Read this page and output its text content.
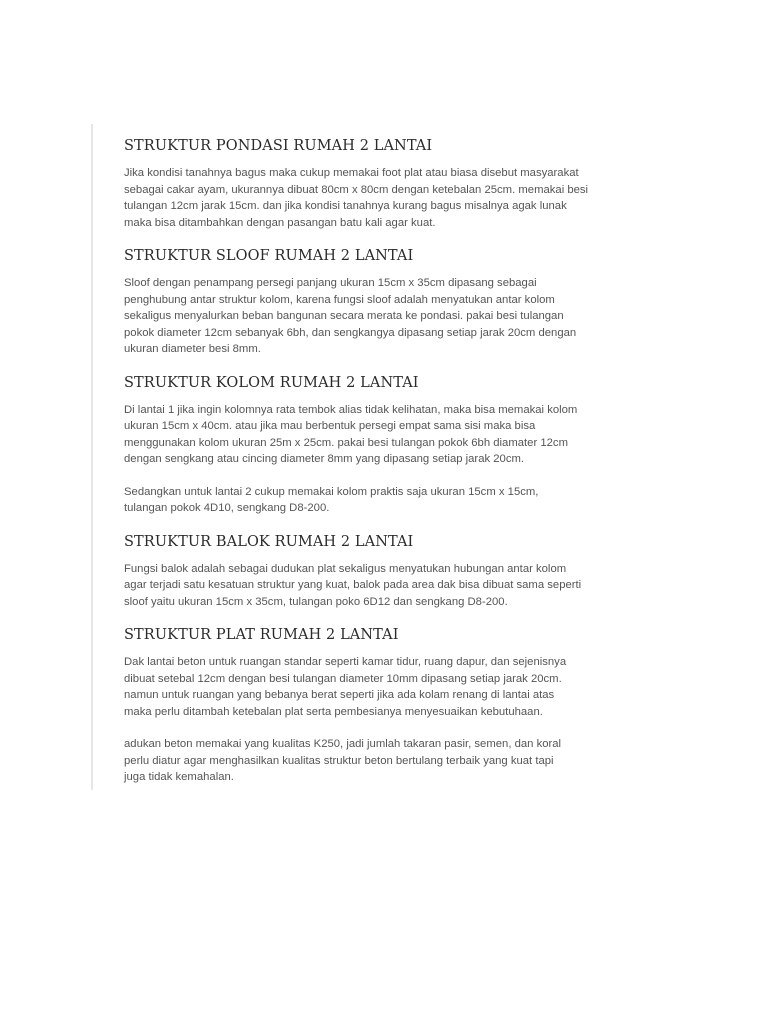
STRUKTUR PONDASI RUMAH 2 LANTAI

Jika kondisi tanahnya bagus maka cukup memakai foot plat atau biasa disebut masyarakat
sebagai cakar ayam, ukurannya dibuat 80cm x 80cm dengan ketebalan 25cm. memakai besi
tulangan 12cm jarak 15cm. dan jika kondisi tanahnya kurang bagus misalnya agak lunak
maka bisa ditambahkan dengan pasangan batu kali agar kuat.

STRUKTUR SLOOF RUMAH 2 LANTAI

Sloof dengan penampang persegi panjang ukuran 15cm x 35cm dipasang sebagai
penghubung antar struktur kolom, karena fungsi sloof adalah menyatukan antar kolom
sekaligus menyalurkan beban bangunan secara merata ke pondasi. pakai besi tulangan
pokok diameter 12cm sebanyak 6bh, dan sengkangya dipasang setiap jarak 20cm dengan
ukuran diameter besi 8mm.

STRUKTUR KOLOM RUMAH 2 LANTAI

Di lantai 1 jika ingin kolomnya rata tembok alias tidak kelihatan, maka bisa memakai kolom
ukuran 15cm x 40cm. atau jika mau berbentuk persegi empat sama sisi maka bisa
menggunakan kolom ukuran 25m x 25cm. pakai besi tulangan pokok 6bh diamater 12cm
dengan sengkang atau cincing diameter 8mm yang dipasang setiap jarak 20cm.

Sedangkan untuk lantai 2 cukup memakai kolom praktis saja ukuran 15cm x 15cm,
tulangan pokok 4D10, sengkang D8-200.

STRUKTUR BALOK RUMAH 2 LANTAI

Fungsi balok adalah sebagai dudukan plat sekaligus menyatukan hubungan antar kolom
agar terjadi satu kesatuan struktur yang kuat, balok pada area dak bisa dibuat sama seperti
sloof yaitu ukuran 15cm x 35cm, tulangan poko 6D12 dan sengkang D8-200.

STRUKTUR PLAT RUMAH 2 LANTAI

Dak lantai beton untuk ruangan standar seperti kamar tidur, ruang dapur, dan sejenisnya
dibuat setebal 12cm dengan besi tulangan diameter 10mm dipasang setiap jarak 20cm.
namun untuk ruangan yang bebanya berat seperti jika ada kolam renang di lantai atas
maka perlu ditambah ketebalan plat serta pembesianya menyesuaikan kebutuhaan.

adukan beton memakai yang kualitas K250, jadi jumlah takaran pasir, semen, dan koral
perlu diatur agar menghasilkan kualitas struktur beton bertulang terbaik yang kuat tapi
juga tidak kemahalan.
